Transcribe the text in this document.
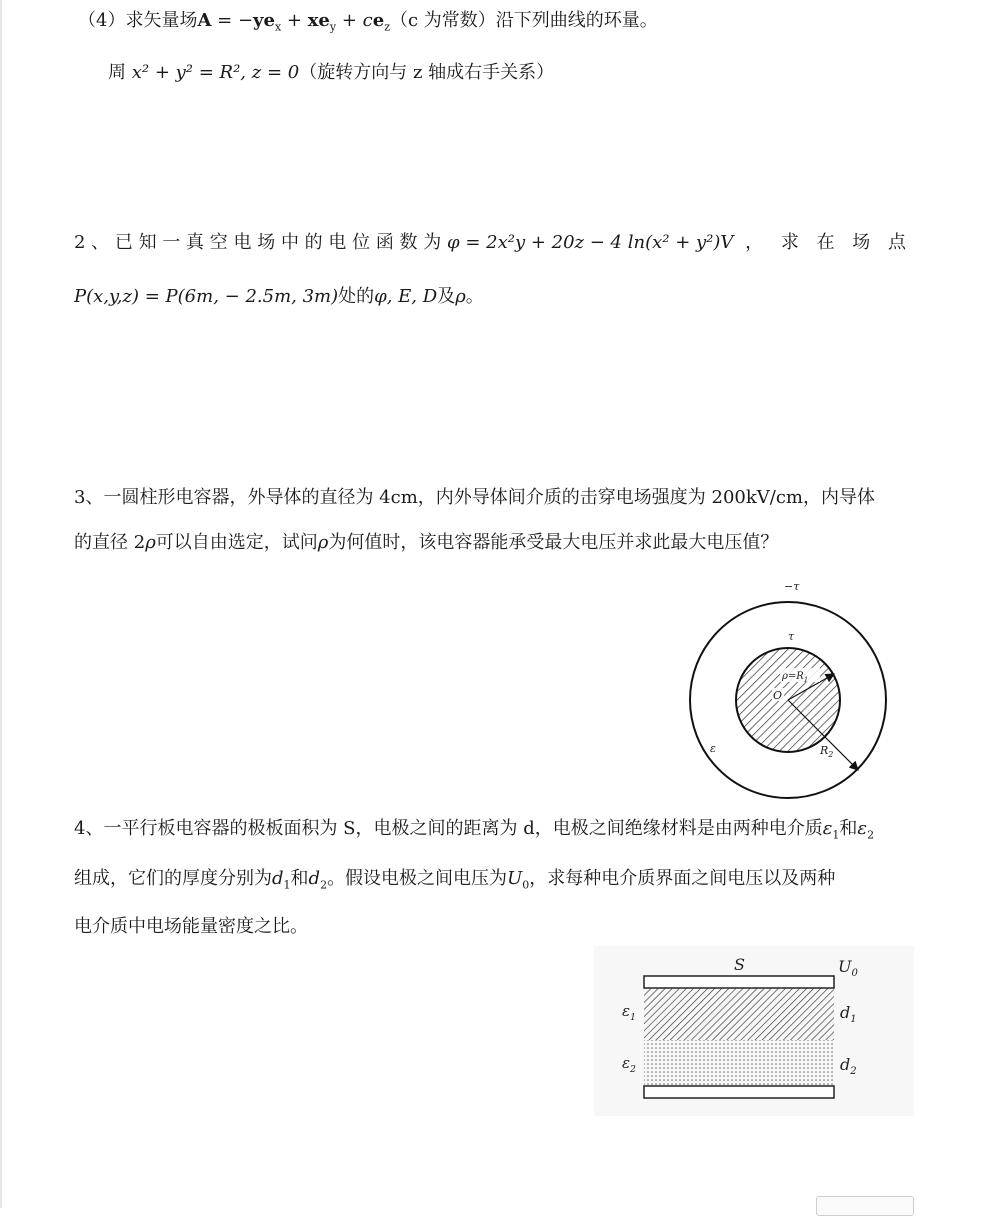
（4）求矢量场$A = -ye_x + xe_y + ce_z(c$ 为常数）沿下列曲线的环量。
周 x² + y² = R², z = 0（旋转方向与 z 轴成右手关系）
2 、 已 知 一 真 空 电 场 中 的 电 位 函 数 为 φ = 2x²y + 20z − 4 ln(x² + y²)V ， 求 在 场 点
P(x,y,z) = P(6m, − 2.5m, 3m)处的φ, E, D及ρ。
3、一圆柱形电容器，外导体的直径为 4cm，内外导体间介质的击穿电场强度为 200kV/cm，内导体
的直径 2ρ可以自由选定，试问ρ为何值时，该电容器能承受最大电压并求此最大电压值？
−τ
τ
$\rho=R_1$
O
$R_2$
ε
4、一平行板电容器的极板面积为 S，电极之间的距离为 d，电极之间绝缘材料是由两种电介质$\varepsilon_1$和$\varepsilon_2$
组成，它们的厚度分别为$d_1$和$d_2$。假设电极之间电压为$U_0$，求每种电介质界面之间电压以及两种
电介质中电场能量密度之比。
S	$U_0$
$\varepsilon_1$
$\varepsilon_2$
$d_1$
$d_2$
